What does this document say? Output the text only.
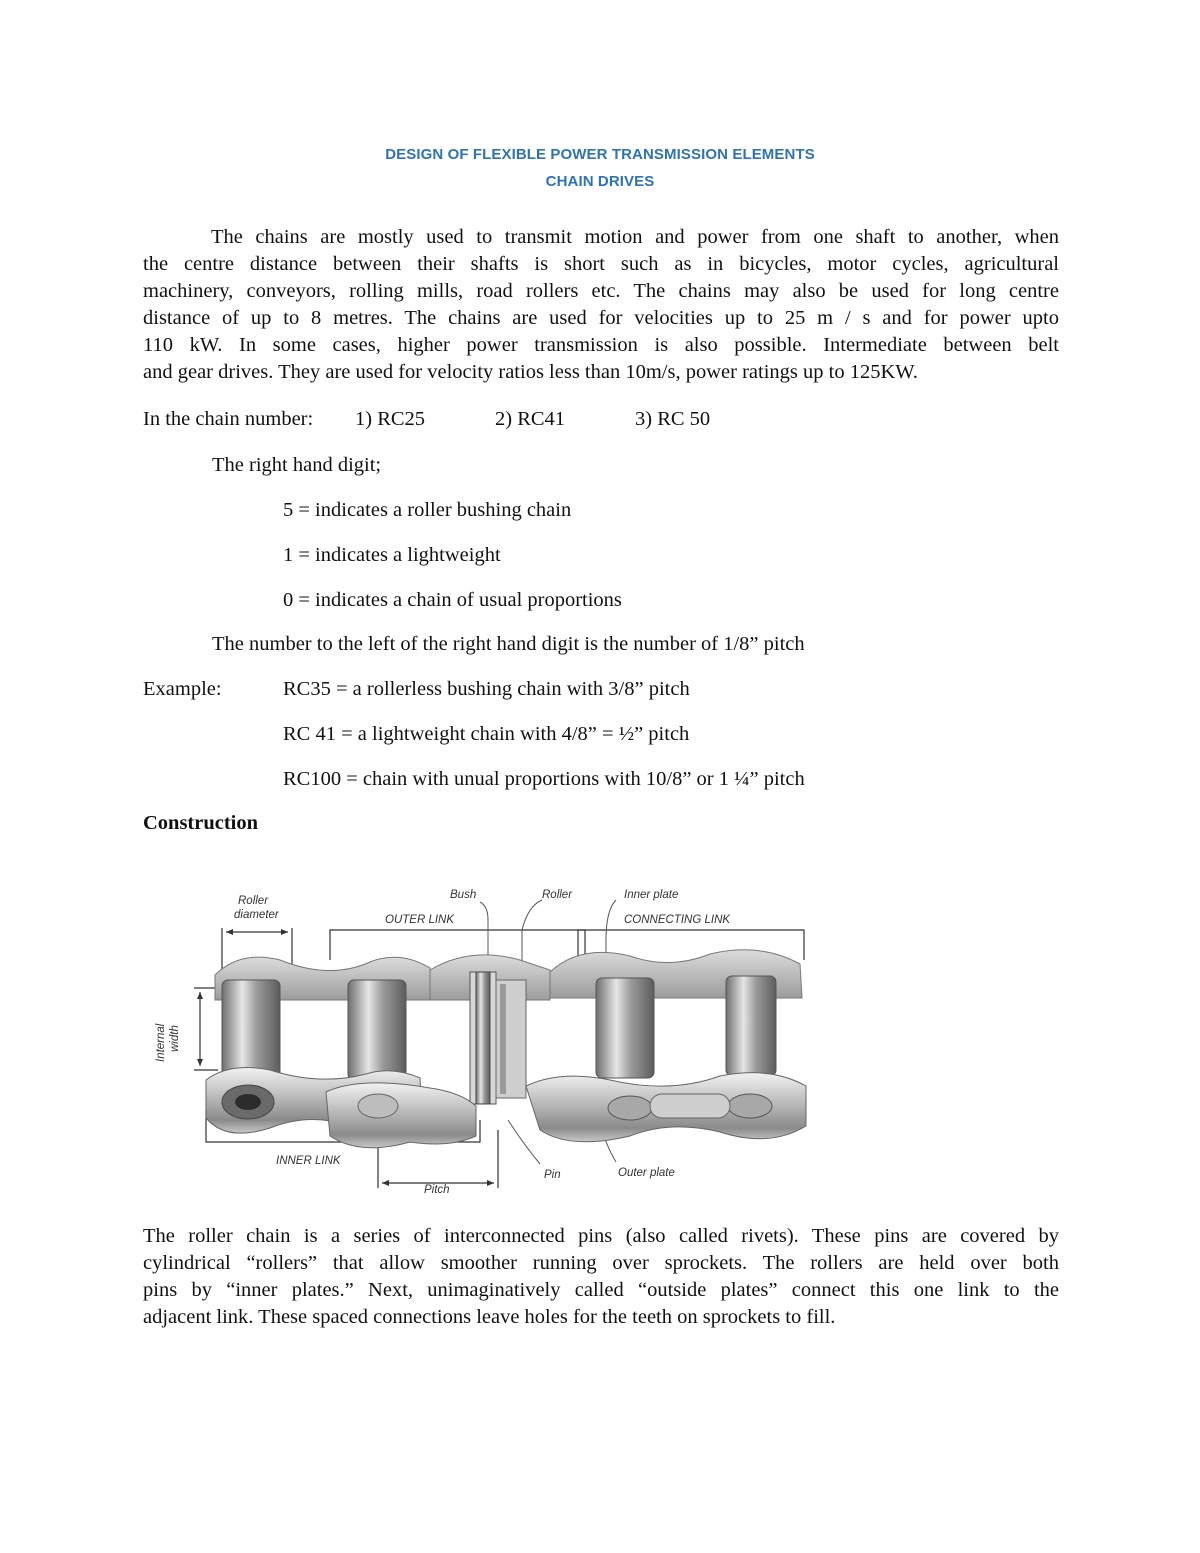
DESIGN OF FLEXIBLE POWER TRANSMISSION ELEMENTS
CHAIN DRIVES
The chains are mostly used to transmit motion and power from one shaft to another, when
the centre distance between their shafts is short such as in bicycles, motor cycles, agricultural
machinery, conveyors, rolling mills, road rollers etc. The chains may also be used for long centre
distance of up to 8 metres. The chains are used for velocities up to 25 m / s and for power upto
110 kW. In some cases, higher power transmission is also possible. Intermediate between belt
and gear drives. They are used for velocity ratios less than 10m/s, power ratings up to 125KW.
In the chain number: 1) RC25	2) RC41	3) RC 50
The right hand digit;
5 = indicates a roller bushing chain
1 = indicates a lightweight
0 = indicates a chain of usual proportions
The number to the left of the right hand digit is the number of 1/8” pitch
Example:	RC35 = a rollerless bushing chain with 3/8” pitch
RC 41 = a lightweight chain with 4/8” = ½” pitch
RC100 = chain with unual proportions with 10/8” or 1 ¼” pitch
Construction
Roller
diameter	OUTER LINK
Bush	Roller	Inner plate
CONNECTING LINK
Internal width
INNER LINK
Pitch
Pin	Outer plate
The roller chain is a series of interconnected pins (also called rivets). These pins are covered by
cylindrical “rollers” that allow smoother running over sprockets. The rollers are held over both
pins by “inner plates.” Next, unimaginatively called “outside plates” connect this one link to the
adjacent link. These spaced connections leave holes for the teeth on sprockets to fill.
